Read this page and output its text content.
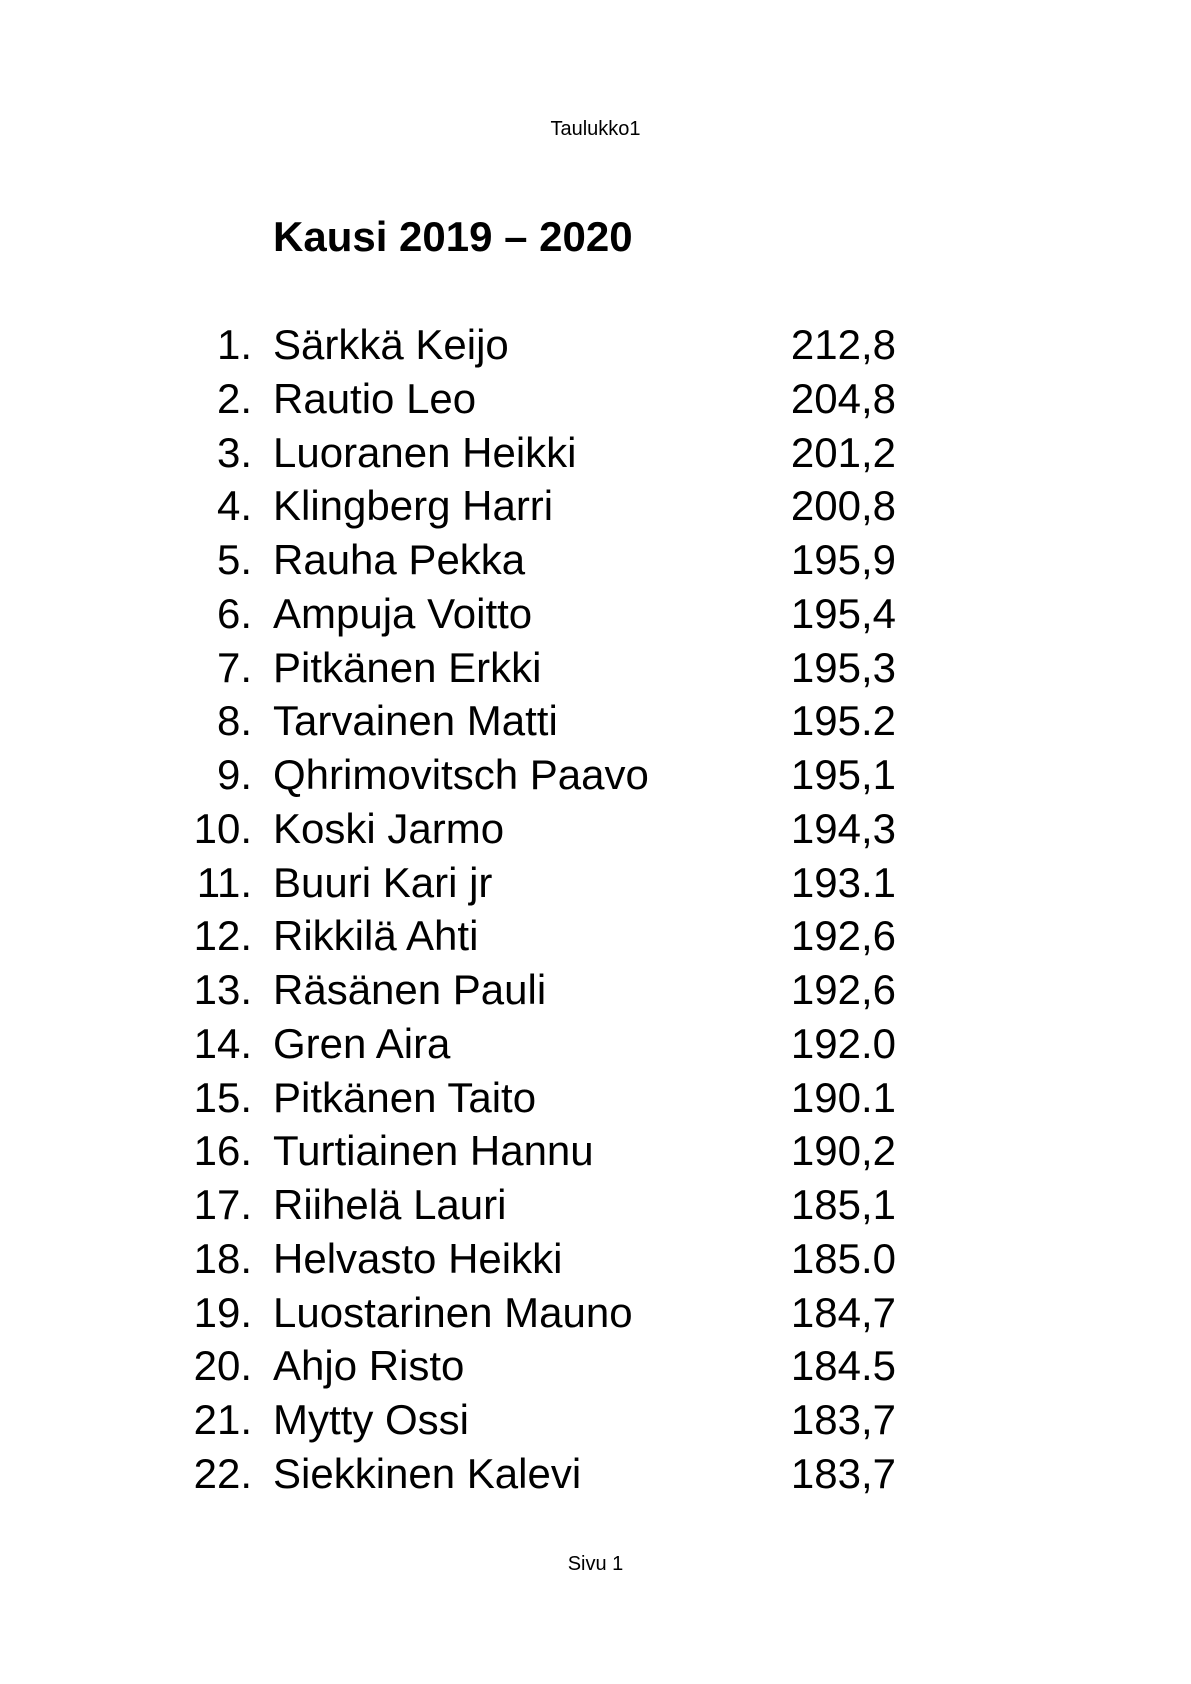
Taulukko1
Kausi 2019 – 2020
1. Särkkä Keijo	212,8
2. Rautio Leo	204,8
3. Luoranen Heikki	201,2
4. Klingberg Harri	200,8
5. Rauha Pekka	195,9
6. Ampuja Voitto	195,4
7. Pitkänen Erkki	195,3
8. Tarvainen Matti	195.2
9. Qhrimovitsch Paavo	195,1
10. Koski Jarmo	194,3
11. Buuri Kari jr	193.1
12. Rikkilä Ahti	192,6
13. Räsänen Pauli	192,6
14. Gren Aira	192.0
15. Pitkänen Taito	190.1
16. Turtiainen Hannu	190,2
17. Riihelä Lauri	185,1
18. Helvasto Heikki	185.0
19. Luostarinen Mauno	184,7
20. Ahjo Risto	184.5
21. Mytty Ossi	183,7
22. Siekkinen Kalevi	183,7
Sivu 1
